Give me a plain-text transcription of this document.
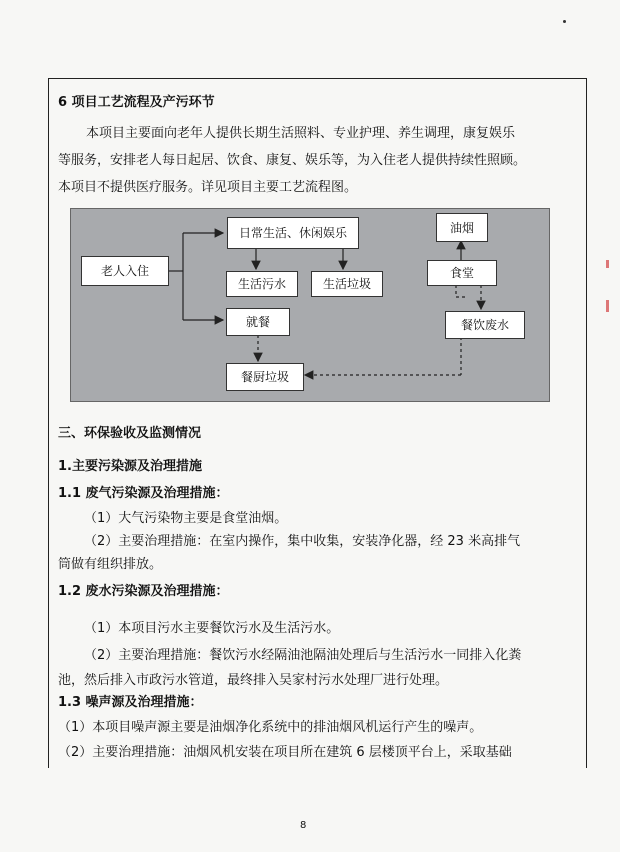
6 项目工艺流程及产污环节
本项目主要面向老年人提供长期生活照料、专业护理、养生调理，康复娱乐
等服务，安排老人每日起居、饮食、康复、娱乐等，为入住老人提供持续性照顾。
本项目不提供医疗服务。详见项目主要工艺流程图。
老人入住
日常生活、休闲娱乐
生活污水	生活垃圾
就餐
餐厨垃圾
油烟
食堂
餐饮废水
三、环保验收及监测情况
1.主要污染源及治理措施
1.1 废气污染源及治理措施：
（1）大气污染物主要是食堂油烟。
（2）主要治理措施：在室内操作，集中收集，安装净化器，经 23 米高排气
筒做有组织排放。
1.2 废水污染源及治理措施：
（1）本项目污水主要餐饮污水及生活污水。
（2）主要治理措施：餐饮污水经隔油池隔油处理后与生活污水一同排入化粪
池，然后排入市政污水管道，最终排入吴家村污水处理厂进行处理。
1.3 噪声源及治理措施：
（1）本项目噪声源主要是油烟净化系统中的排油烟风机运行产生的噪声。
（2）主要治理措施：油烟风机安装在项目所在建筑 6 层楼顶平台上，采取基础
8
